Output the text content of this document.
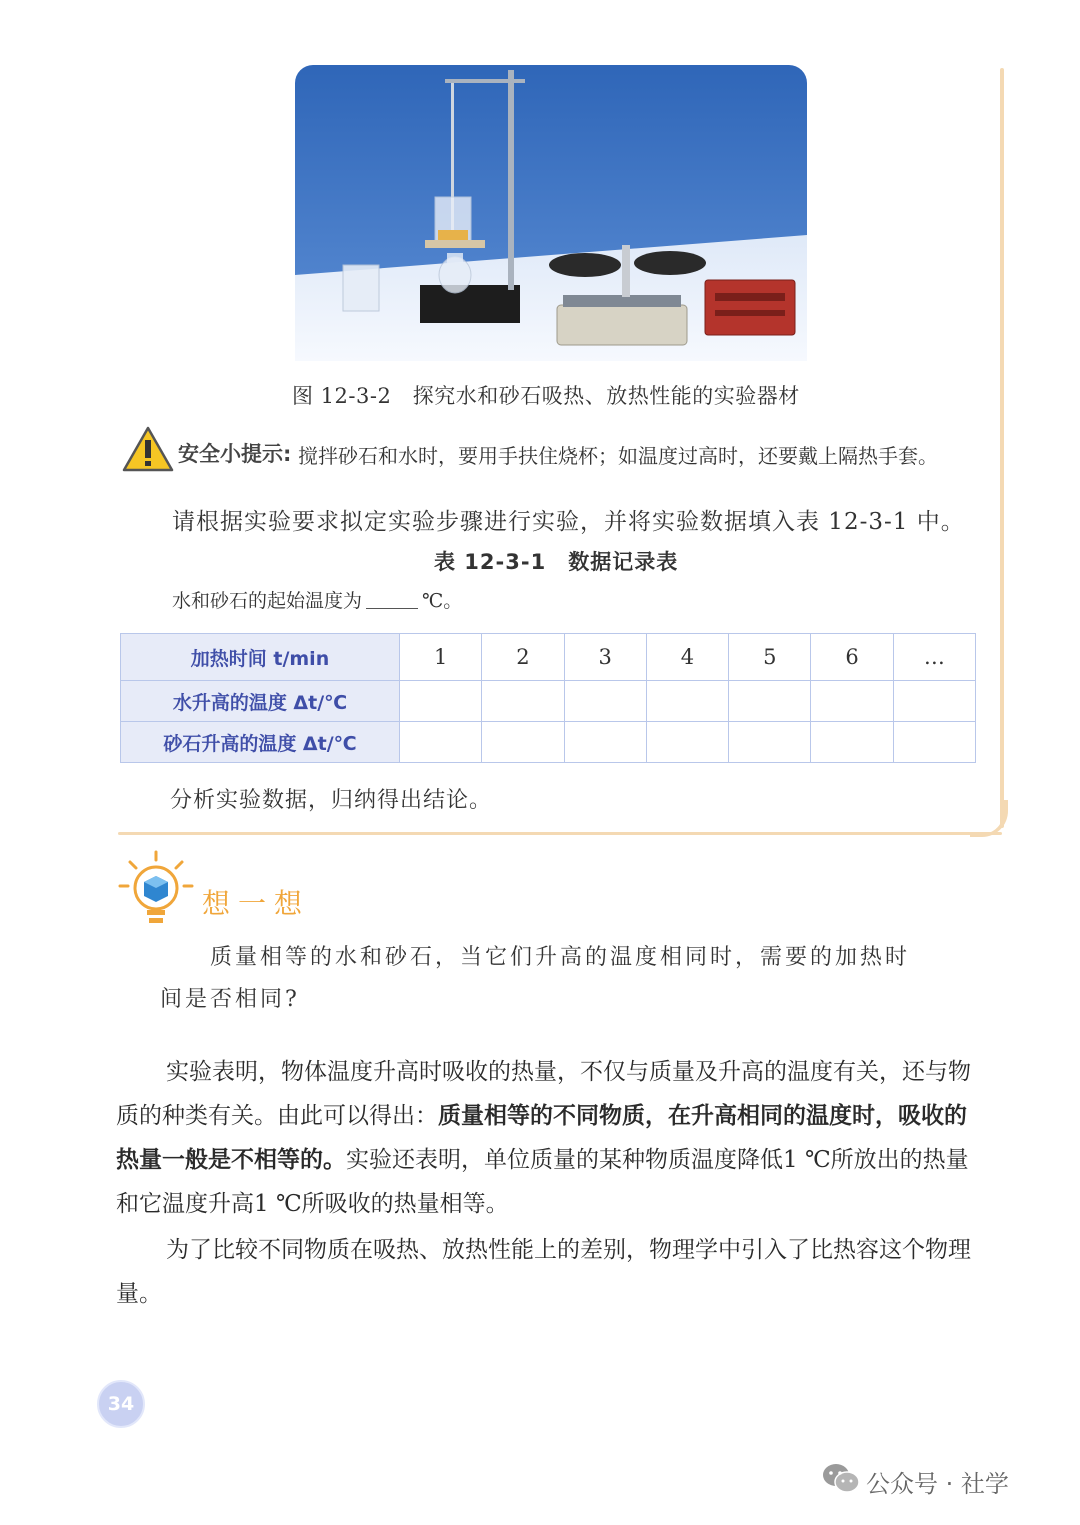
图 12-3-2　探究水和砂石吸热、放热性能的实验器材
安全小提示: 搅拌砂石和水时，要用手扶住烧杯；如温度过高时，还要戴上隔热手套。
请根据实验要求拟定实验步骤进行实验，并将实验数据填入表 12-3-1 中。
表 12-3-1　数据记录表
水和砂石的起始温度为	℃。
加热时间 t/min	1	2	3	4	5	6	…
水升高的温度 Δt/℃							
砂石升高的温度 Δt/℃							
分析实验数据，归纳得出结论。
想一想
质量相等的水和砂石，当它们升高的温度相同时，需要的加热时
间是否相同?

实验表明，物体温度升高时吸收的热量，不仅与质量及升高的温度有关，还与物质的种类有关。由此可以得出：质量相等的不同物质，在升高相同的温度时，吸收的热量一般是不相等的。实验还表明，单位质量的某种物质温度降低1 ℃所放出的热量和它温度升高1 ℃所吸收的热量相等。

为了比较不同物质在吸热、放热性能上的差别，物理学中引入了比热容这个物理量。

34
公众号 · 社学
